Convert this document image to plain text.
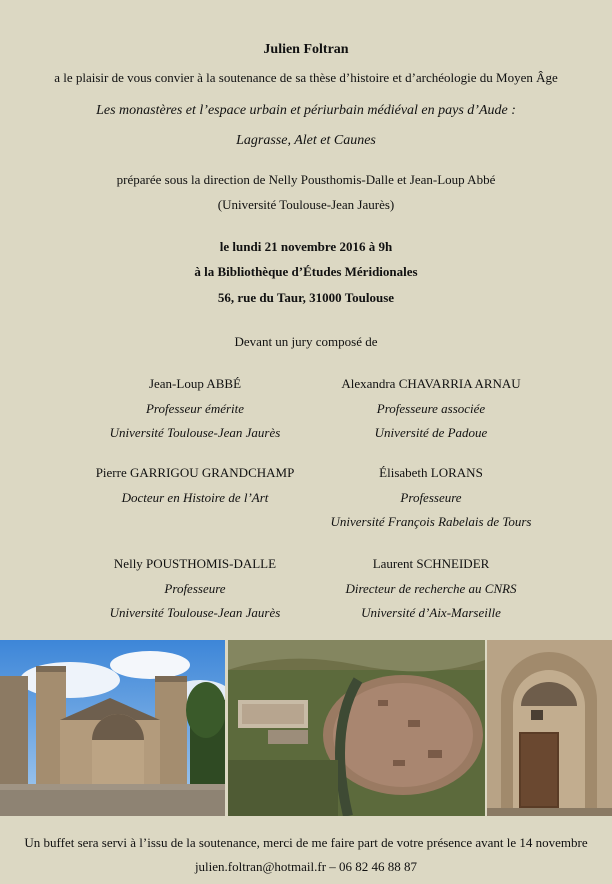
Julien Foltran
a le plaisir de vous convier à la soutenance de sa thèse d’histoire et d’archéologie du Moyen Âge
Les monastères et l’espace urbain et périurbain médiéval en pays d’Aude :
Lagrasse, Alet et Caunes
préparée sous la direction de Nelly Pousthomis-Dalle et Jean-Loup Abbé
(Université Toulouse-Jean Jaurès)
le lundi 21 novembre 2016 à 9h
à la Bibliothèque d’Études Méridionales
56, rue du Taur, 31000 Toulouse
Devant un jury composé de
Jean-Loup ABBÉ
Professeur émérite
Université Toulouse-Jean Jaurès
Alexandra CHAVARRIA ARNAU
Professeure associée
Université de Padoue
Pierre GARRIGOU GRANDCHAMP
Docteur en Histoire de l’Art
Élisabeth LORANS
Professeure
Université François Rabelais de Tours
Nelly POUSTHOMIS-DALLE
Professeure
Université Toulouse-Jean Jaurès
Laurent SCHNEIDER
Directeur de recherche au CNRS
Université d’Aix-Marseille
Un buffet sera servi à l’issu de la soutenance, merci de me faire part de votre présence avant le 14 novembre
julien.foltran@hotmail.fr – 06 82 46 88 87
